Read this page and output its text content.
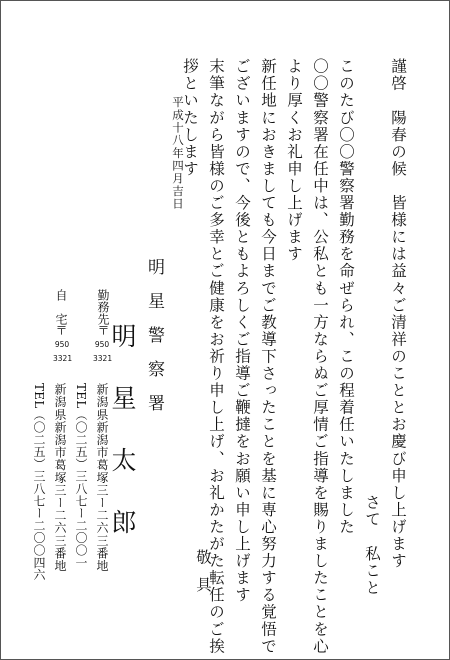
謹啓　陽春の候　皆様には益々ご清祥のこととお慶び申し上げます
さて　私こと
このたび〇〇警察署勤務を命ぜられ、この程着任いたしました
〇〇警察署在任中は、公私とも一方ならぬご厚情ご指導を賜りましたことを心
より厚くお礼申し上げます
新任地におきましても今日までご教導下さったことを基に専心努力する覚悟で
ございますので、今後ともよろしくご指導ご鞭撻をお願い申し上げます
末筆ながら皆様のご多幸とご健康をお祈り申し上げ、お礼かたがた転任のご挨
拶といたします
敬具
平成十八年四月吉日
明星警察署
明星太郎
勤務先
〒
950
3321
新潟県新潟市葛塚三ー二六三番地
TEL（〇二五）三八七ー二〇〇一
自　宅
〒
950
3321
新潟県新潟市葛塚三ー二六三番地
TEL（〇二五）三八七ー二〇〇四六
